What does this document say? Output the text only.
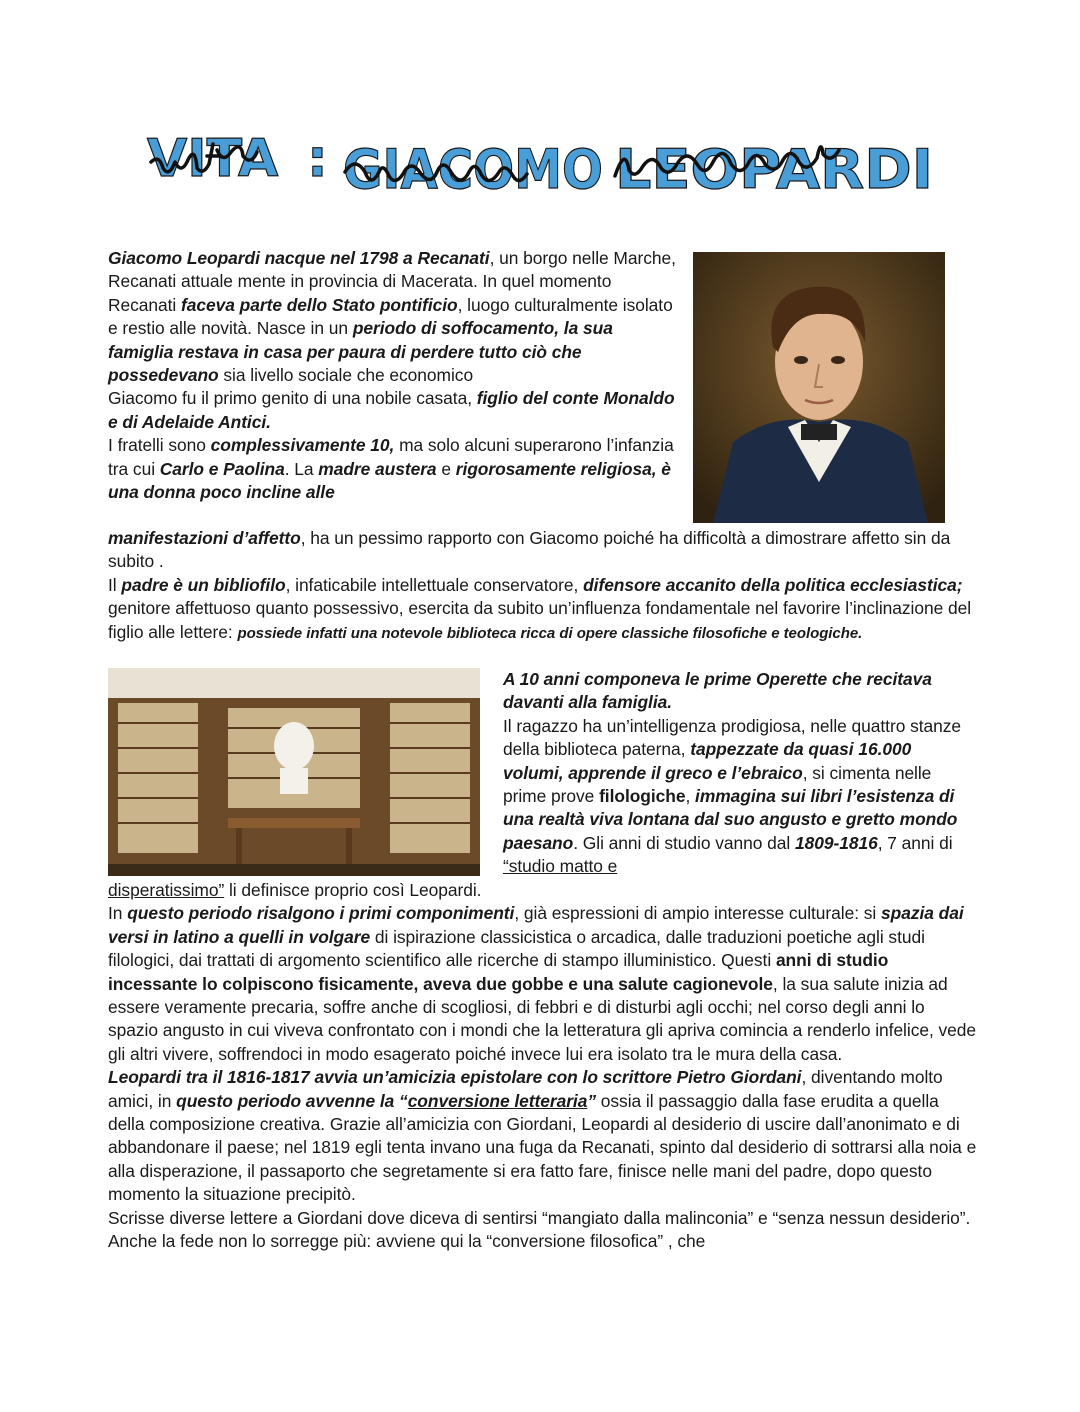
VITA : GIACOMO LEOPARDI
Giacomo Leopardi nacque nel 1798 a Recanati, un borgo nelle Marche, Recanati attuale mente in provincia di Macerata. In quel momento Recanati faceva parte dello Stato pontificio, luogo culturalmente isolato e restio alle novità. Nasce in un periodo di soffocamento, la sua famiglia restava in casa per paura di perdere tutto ciò che possedevano sia livello sociale che economico
Giacomo fu il primo genito di una nobile casata, figlio del conte Monaldo e di Adelaide Antici.
I fratelli sono complessivamente 10, ma solo alcuni superarono l’infanzia tra cui Carlo e Paolina. La madre austera e rigorosamente religiosa, è una donna poco incline alle
manifestazioni d’affetto, ha un pessimo rapporto con Giacomo poiché ha difficoltà a dimostrare affetto sin da subito .
Il padre è un bibliofilo, infaticabile intellettuale conservatore, difensore accanito della politica ecclesiastica; genitore affettuoso quanto possessivo, esercita da subito un’influenza fondamentale nel favorire l’inclinazione del figlio alle lettere: possiede infatti una notevole biblioteca ricca di opere classiche filosofiche e teologiche.
A 10 anni componeva le prime Operette che recitava davanti alla famiglia.
Il ragazzo ha un’intelligenza prodigiosa, nelle quattro stanze della biblioteca paterna, tappezzate da quasi 16.000 volumi, apprende il greco e l’ebraico, si cimenta nelle prime prove filologiche, immagina sui libri l’esistenza di una realtà viva lontana dal suo angusto e gretto mondo paesano. Gli anni di studio vanno dal 1809-1816, 7 anni di “studio matto e
disperatissimo” li definisce proprio così Leopardi.
In questo periodo risalgono i primi componimenti, già espressioni di ampio interesse culturale: si spazia dai versi in latino a quelli in volgare di ispirazione classicistica o arcadica, dalle traduzioni poetiche agli studi filologici, dai trattati di argomento scientifico alle ricerche di stampo illuministico. Questi anni di studio incessante lo colpiscono fisicamente, aveva due gobbe e una salute cagionevole, la sua salute inizia ad essere veramente precaria, soffre anche di scogliosi, di febbri e di disturbi agli occhi; nel corso degli anni lo spazio angusto in cui viveva confrontato con i mondi che la letteratura gli apriva comincia a renderlo infelice, vede gli altri vivere, soffrendoci in modo esagerato poiché invece lui era isolato tra le mura della casa.
Leopardi tra il 1816-1817 avvia un’amicizia epistolare con lo scrittore Pietro Giordani, diventando molto amici, in questo periodo avvenne la “conversione letteraria” ossia il passaggio dalla fase erudita a quella della composizione creativa. Grazie all’amicizia con Giordani, Leopardi al desiderio di uscire dall’anonimato e di abbandonare il paese; nel 1819 egli tenta invano una fuga da Recanati, spinto dal desiderio di sottrarsi alla noia e alla disperazione, il passaporto che segretamente si era fatto fare, finisce nelle mani del padre, dopo questo momento la situazione precipitò.
Scrisse diverse lettere a Giordani dove diceva di sentirsi “mangiato dalla malinconia” e “senza nessun desiderio”. Anche la fede non lo sorregge più: avviene qui la “conversione filosofica” , che
